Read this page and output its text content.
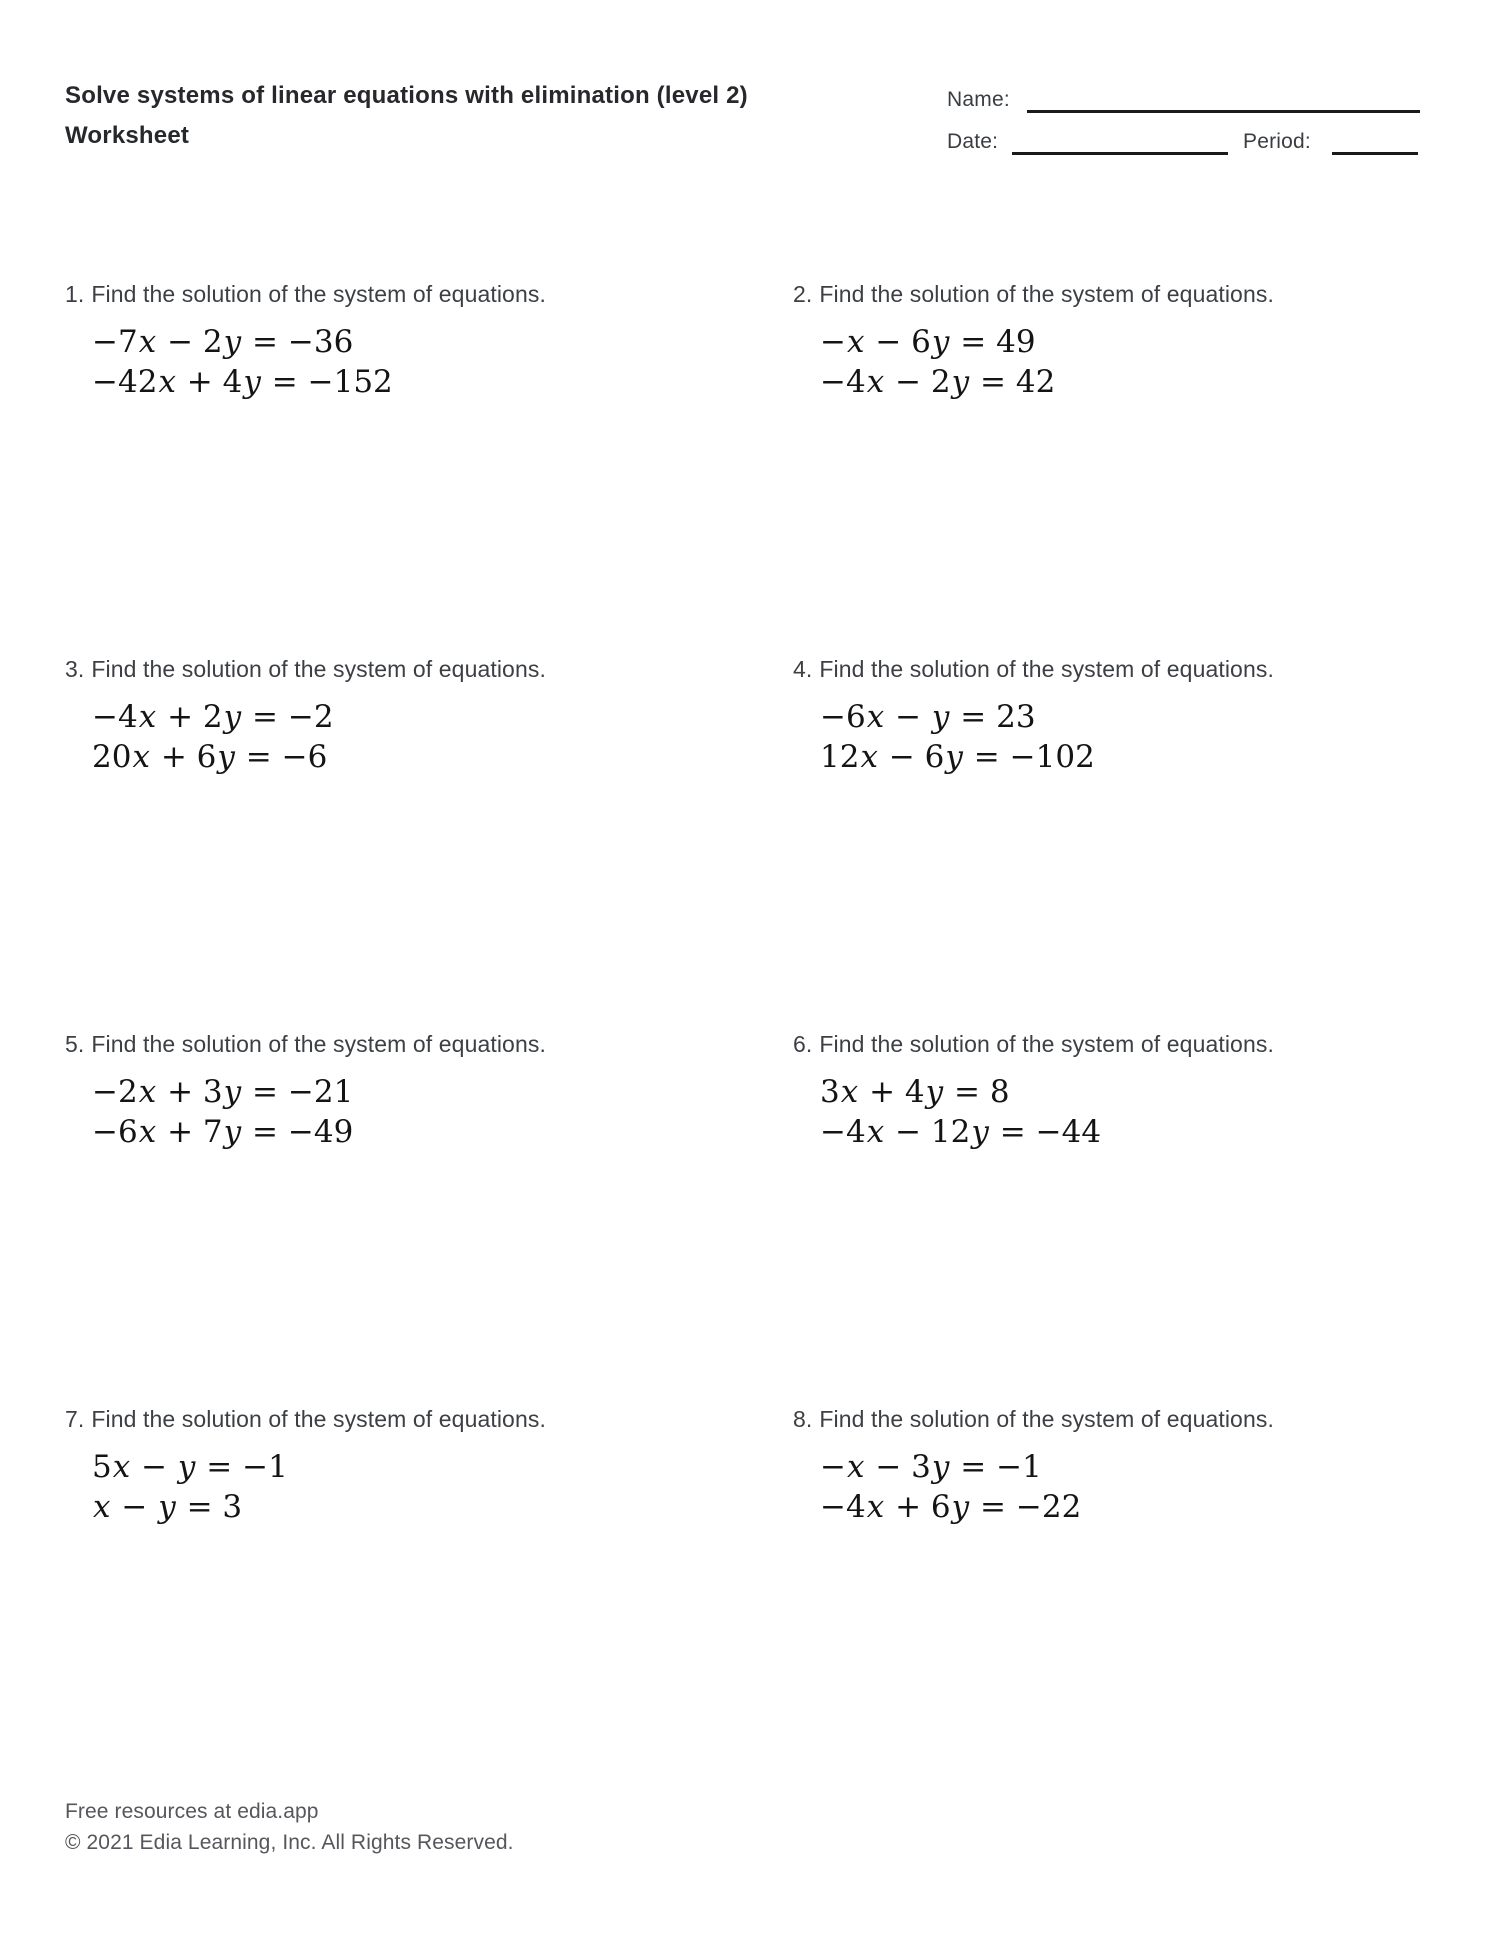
Solve systems of linear equations with elimination (level 2)
Worksheet
Name:
Date:	Period:
1. Find the solution of the system of equations.
−7x − 2y = −36
−42x + 4y = −152
2. Find the solution of the system of equations.
−x − 6y = 49
−4x − 2y = 42
3. Find the solution of the system of equations.
−4x + 2y = −2
20x + 6y = −6
4. Find the solution of the system of equations.
−6x − y = 23
12x − 6y = −102
5. Find the solution of the system of equations.
−2x + 3y = −21
−6x + 7y = −49
6. Find the solution of the system of equations.
3x + 4y = 8
−4x − 12y = −44
7. Find the solution of the system of equations.
5x − y = −1
x − y = 3
8. Find the solution of the system of equations.
−x − 3y = −1
−4x + 6y = −22
Free resources at edia.app
© 2021 Edia Learning, Inc. All Rights Reserved.
